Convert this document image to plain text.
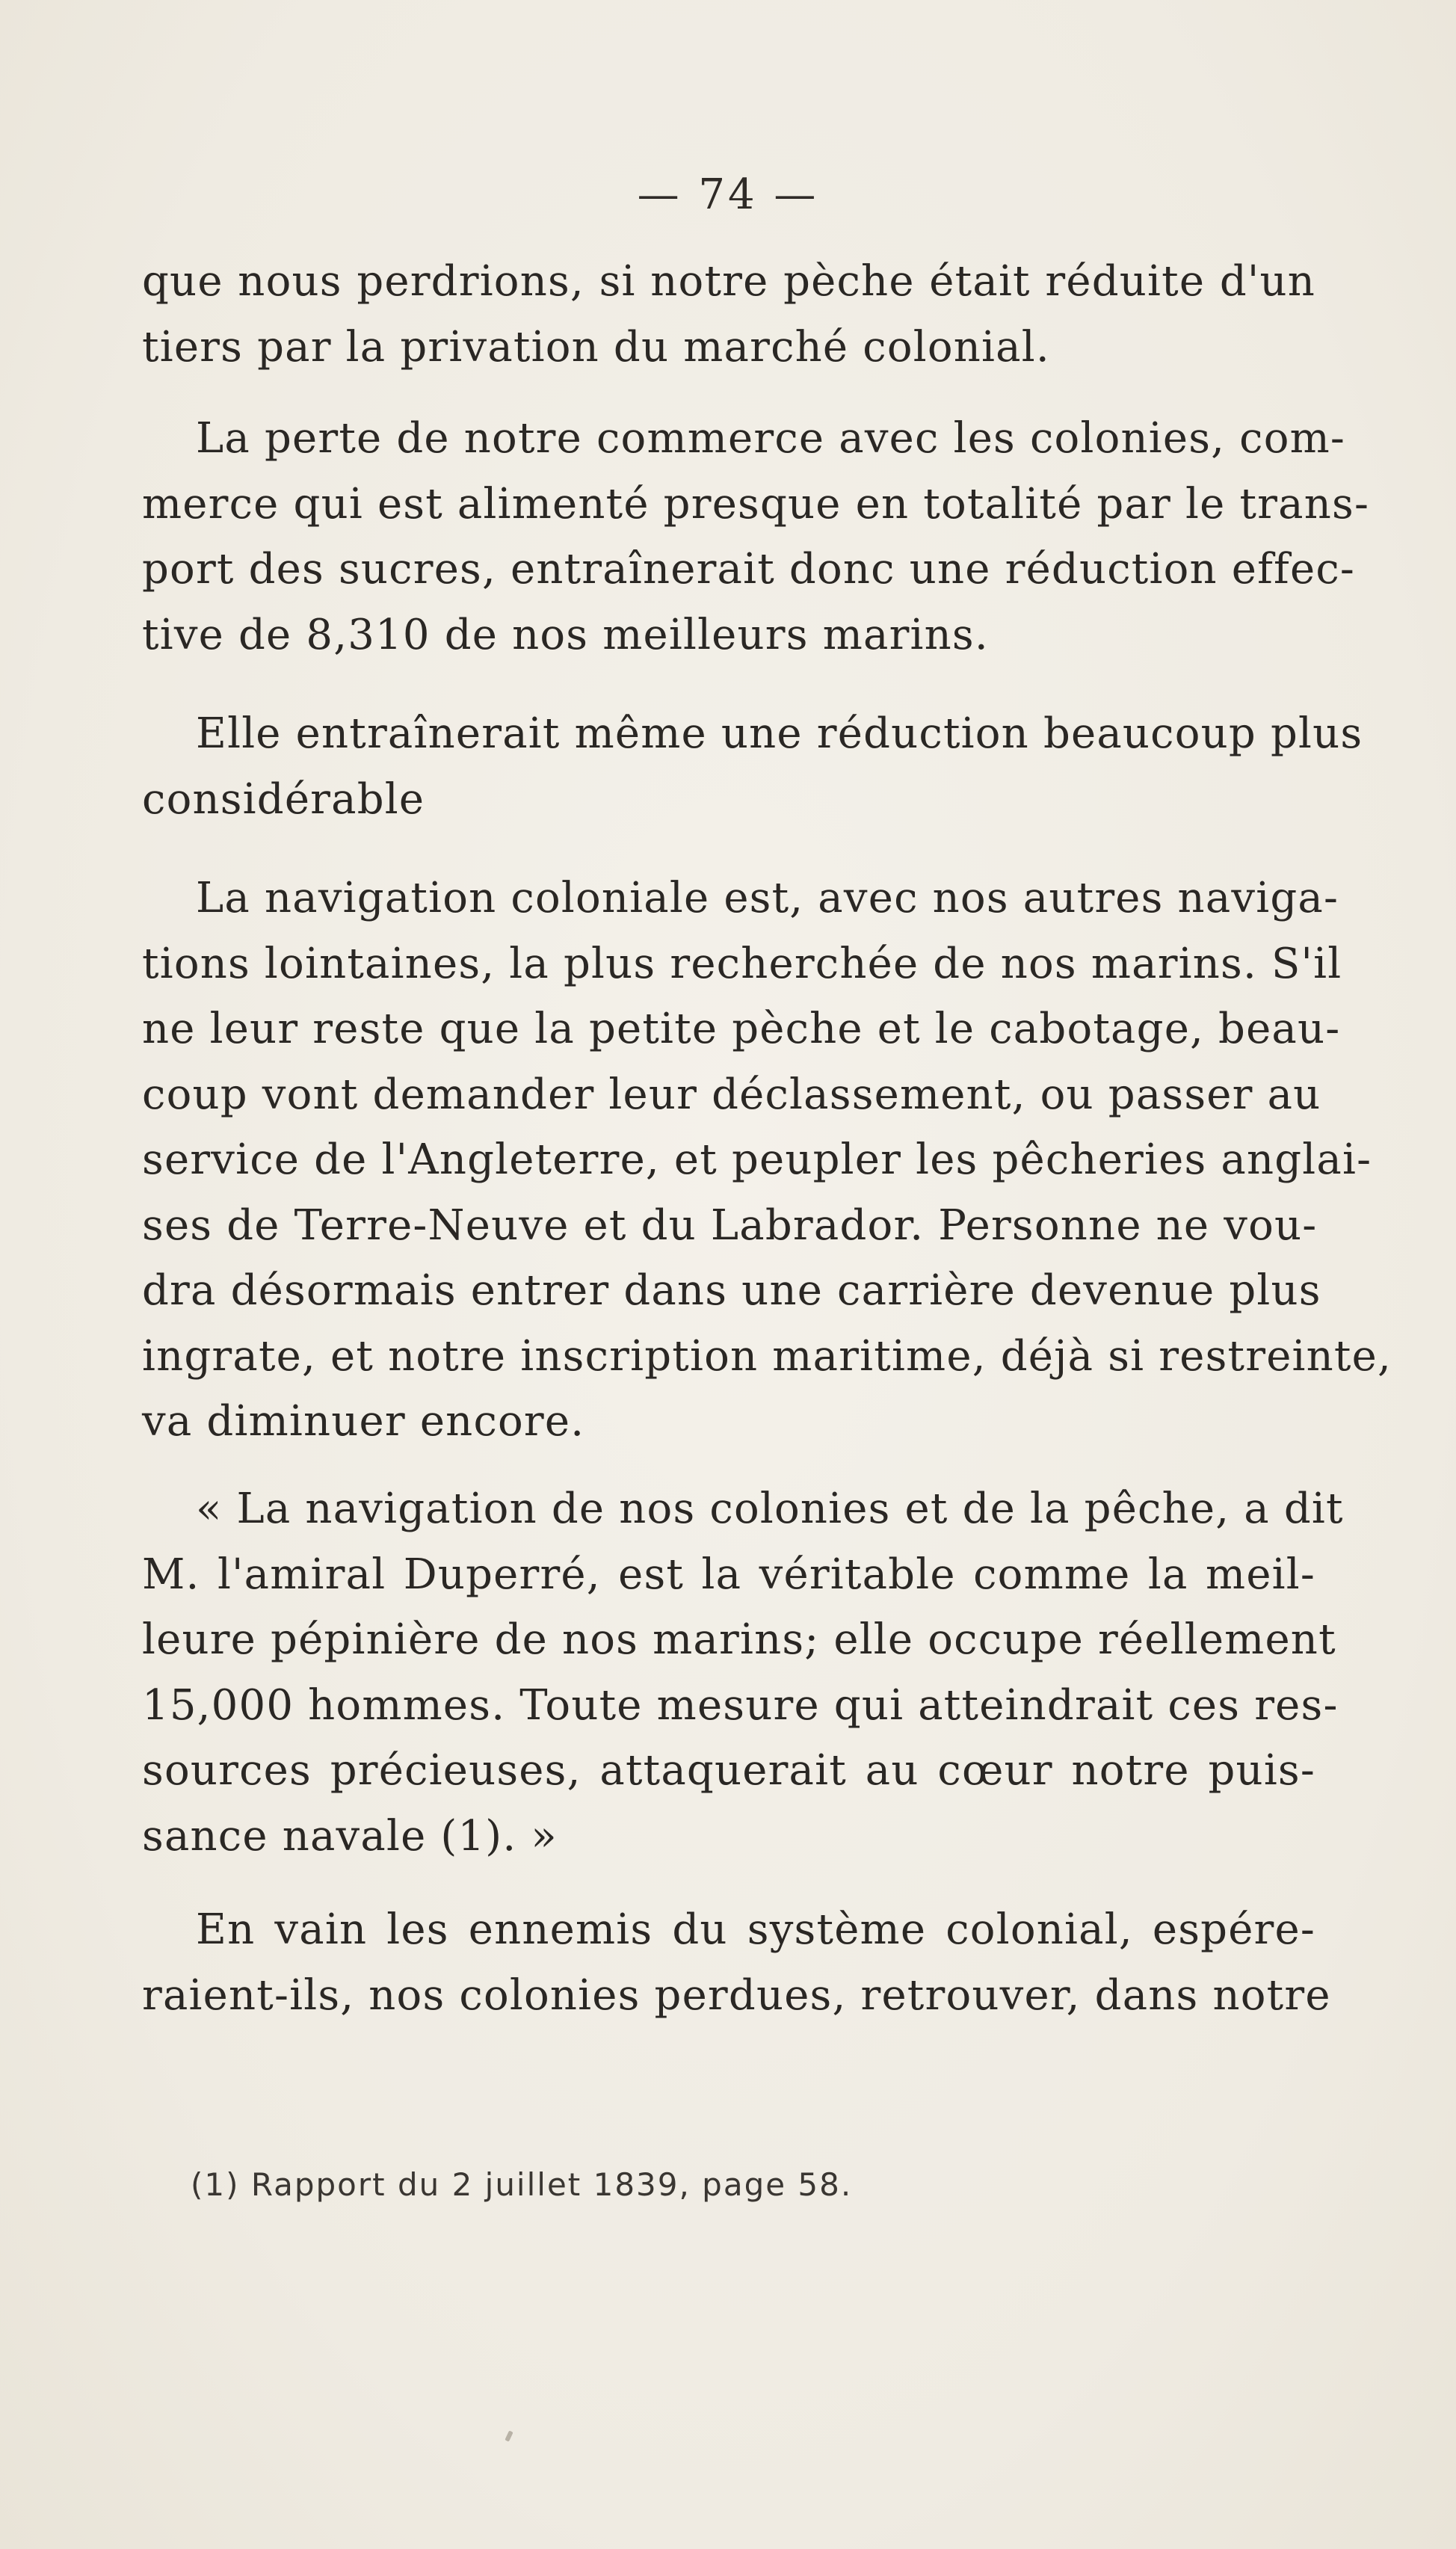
— 74 —
que nous perdrions, si notre pèche était réduite d'un
tiers par la privation du marché colonial.
La perte de notre commerce avec les colonies, com-
merce qui est alimenté presque en totalité par le trans-
port des sucres, entraînerait donc une réduction effec-
tive de 8,310 de nos meilleurs marins.
Elle entraînerait même une réduction beaucoup plus
considérable
La navigation coloniale est, avec nos autres naviga-
tions lointaines, la plus recherchée de nos marins. S'il
ne leur reste que la petite pèche et le cabotage, beau-
coup vont demander leur déclassement, ou passer au
service de l'Angleterre, et peupler les pêcheries anglai-
ses de Terre-Neuve et du Labrador. Personne ne vou-
dra désormais entrer dans une carrière devenue plus
ingrate, et notre inscription maritime, déjà si restreinte,
va diminuer encore.
« La navigation de nos colonies et de la pêche, a dit
M. l'amiral Duperré, est la véritable comme la meil-
leure pépinière de nos marins; elle occupe réellement
15,000 hommes. Toute mesure qui atteindrait ces res-
sources précieuses, attaquerait au cœur notre puis-
sance navale (1). »
En vain les ennemis du système colonial, espére-
raient-ils, nos colonies perdues, retrouver, dans notre
(1) Rapport du 2 juillet 1839, page 58.
